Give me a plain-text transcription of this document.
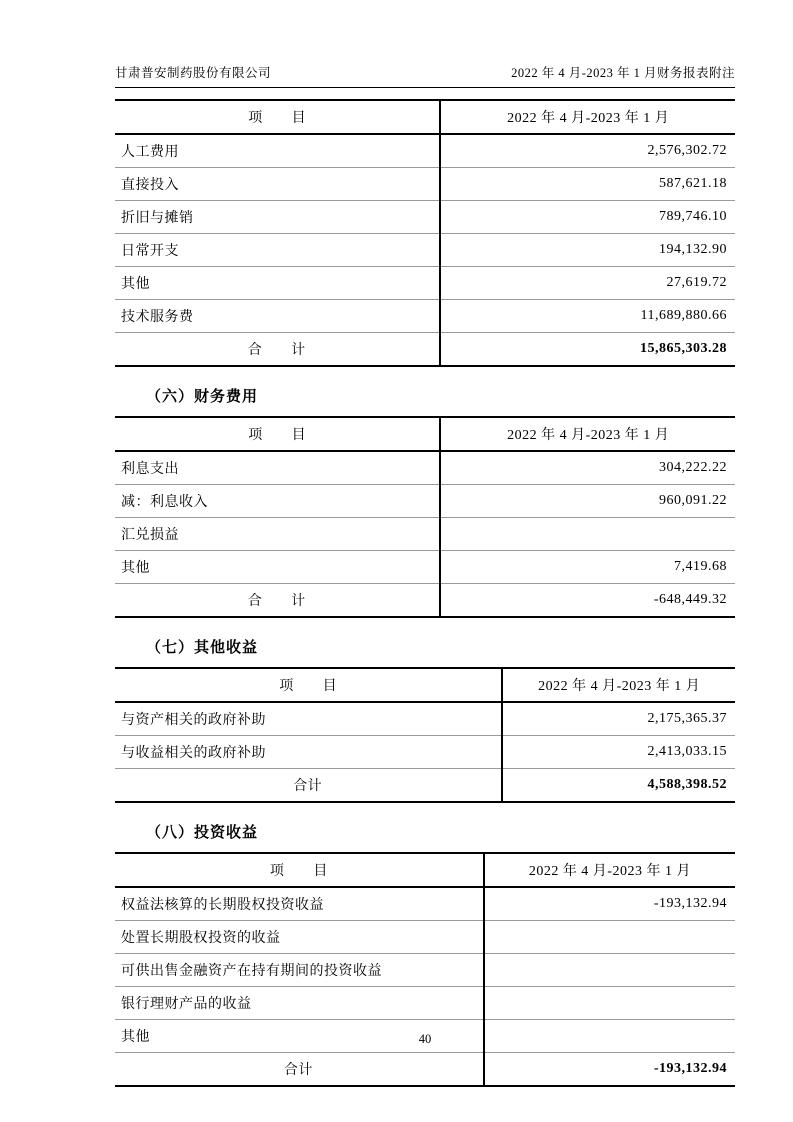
甘肃普安制药股份有限公司	2022 年 4 月-2023 年 1 月财务报表附注
项　　目	2022 年 4 月-2023 年 1 月
人工费用	2,576,302.72
直接投入	587,621.18
折旧与摊销	789,746.10
日常开支	194,132.90
其他	27,619.72
技术服务费	11,689,880.66
合　　计	15,865,303.28
（六）财务费用
项　　目	2022 年 4 月-2023 年 1 月
利息支出	304,222.22
减：利息收入	960,091.22
汇兑损益	
其他	7,419.68
合　　计	-648,449.32
（七）其他收益
项　　目	2022 年 4 月-2023 年 1 月
与资产相关的政府补助	2,175,365.37
与收益相关的政府补助	2,413,033.15
合计	4,588,398.52
（八）投资收益
项　　目	2022 年 4 月-2023 年 1 月
权益法核算的长期股权投资收益	-193,132.94
处置长期股权投资的收益	
可供出售金融资产在持有期间的投资收益	
银行理财产品的收益	
其他	
合计	-193,132.94
40
